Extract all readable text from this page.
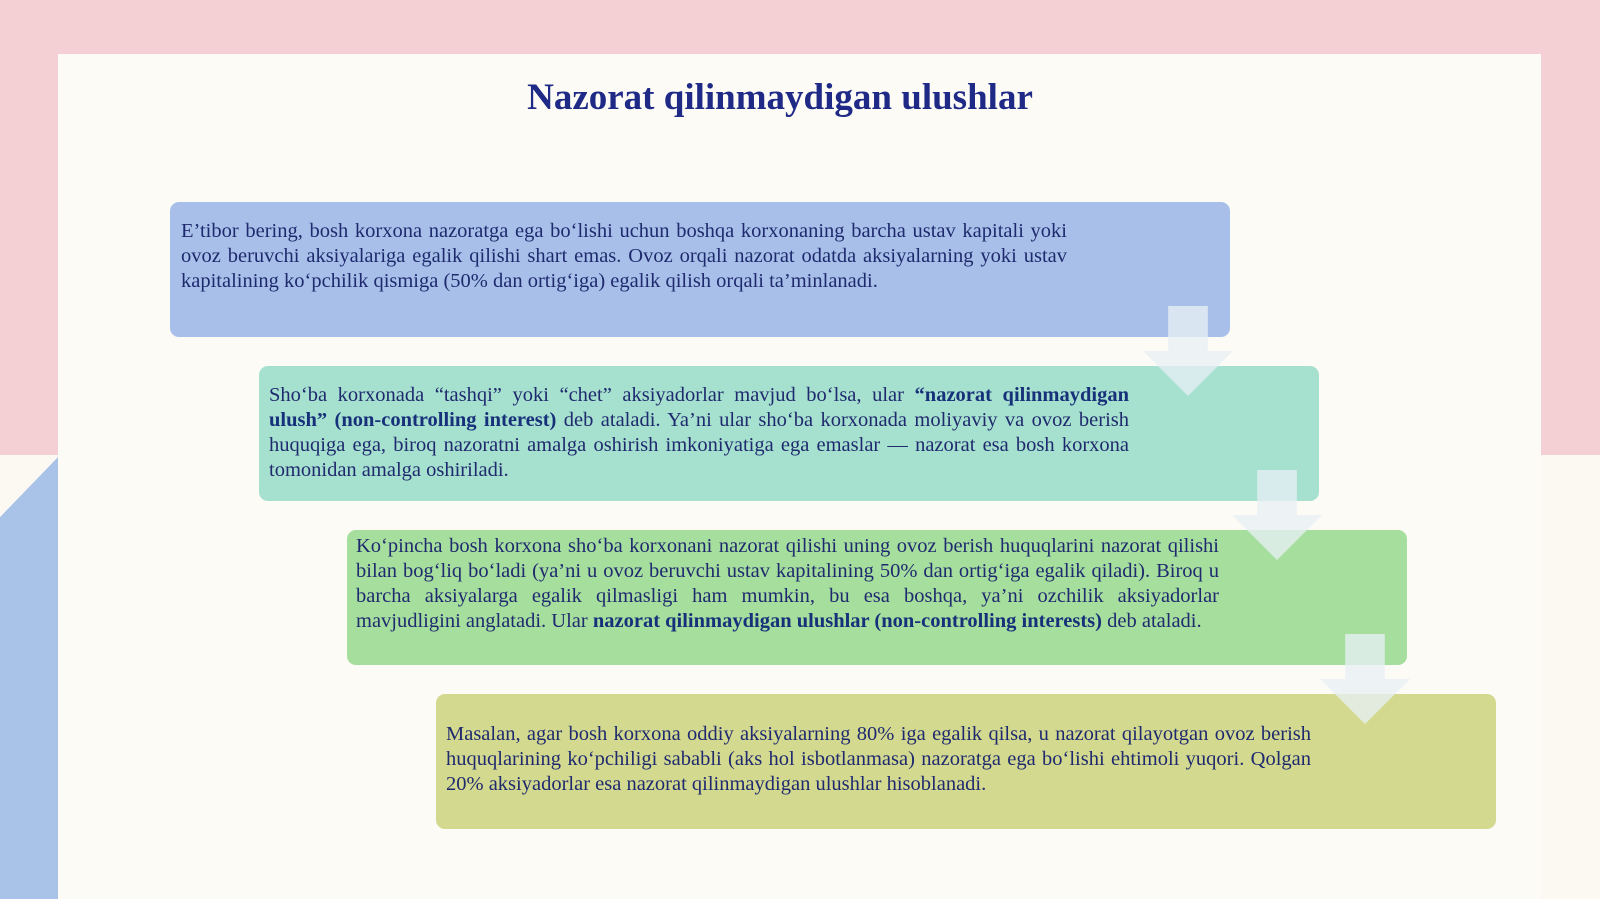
Nazorat qilinmaydigan ulushlar
E’tibor bering, bosh korxona nazoratga ega bo‘lishi uchun boshqa korxonaning barcha ustav kapitali yoki ovoz beruvchi aksiyalariga egalik qilishi shart emas. Ovoz orqali nazorat odatda aksiyalarning yoki ustav kapitalining ko‘pchilik qismiga (50% dan ortig‘iga) egalik qilish orqali ta’minlanadi.
Sho‘ba korxonada “tashqi” yoki “chet” aksiyadorlar mavjud bo‘lsa, ular “nazorat qilinmaydigan ulush” (non-controlling interest) deb ataladi. Ya’ni ular sho‘ba korxonada moliyaviy va ovoz berish huquqiga ega, biroq nazoratni amalga oshirish imkoniyatiga ega emaslar — nazorat esa bosh korxona tomonidan amalga oshiriladi.
Ko‘pincha bosh korxona sho‘ba korxonani nazorat qilishi uning ovoz berish huquqlarini nazorat qilishi bilan bog‘liq bo‘ladi (ya’ni u ovoz beruvchi ustav kapitalining 50% dan ortig‘iga egalik qiladi). Biroq u barcha aksiyalarga egalik qilmasligi ham mumkin, bu esa boshqa, ya’ni ozchilik aksiyadorlar mavjudligini anglatadi. Ular nazorat qilinmaydigan ulushlar (non-controlling interests) deb ataladi.
Masalan, agar bosh korxona oddiy aksiyalarning 80% iga egalik qilsa, u nazorat qilayotgan ovoz berish huquqlarining ko‘pchiligi sababli (aks hol isbotlanmasa) nazoratga ega bo‘lishi ehtimoli yuqori. Qolgan 20% aksiyadorlar esa nazorat qilinmaydigan ulushlar hisoblanadi.
